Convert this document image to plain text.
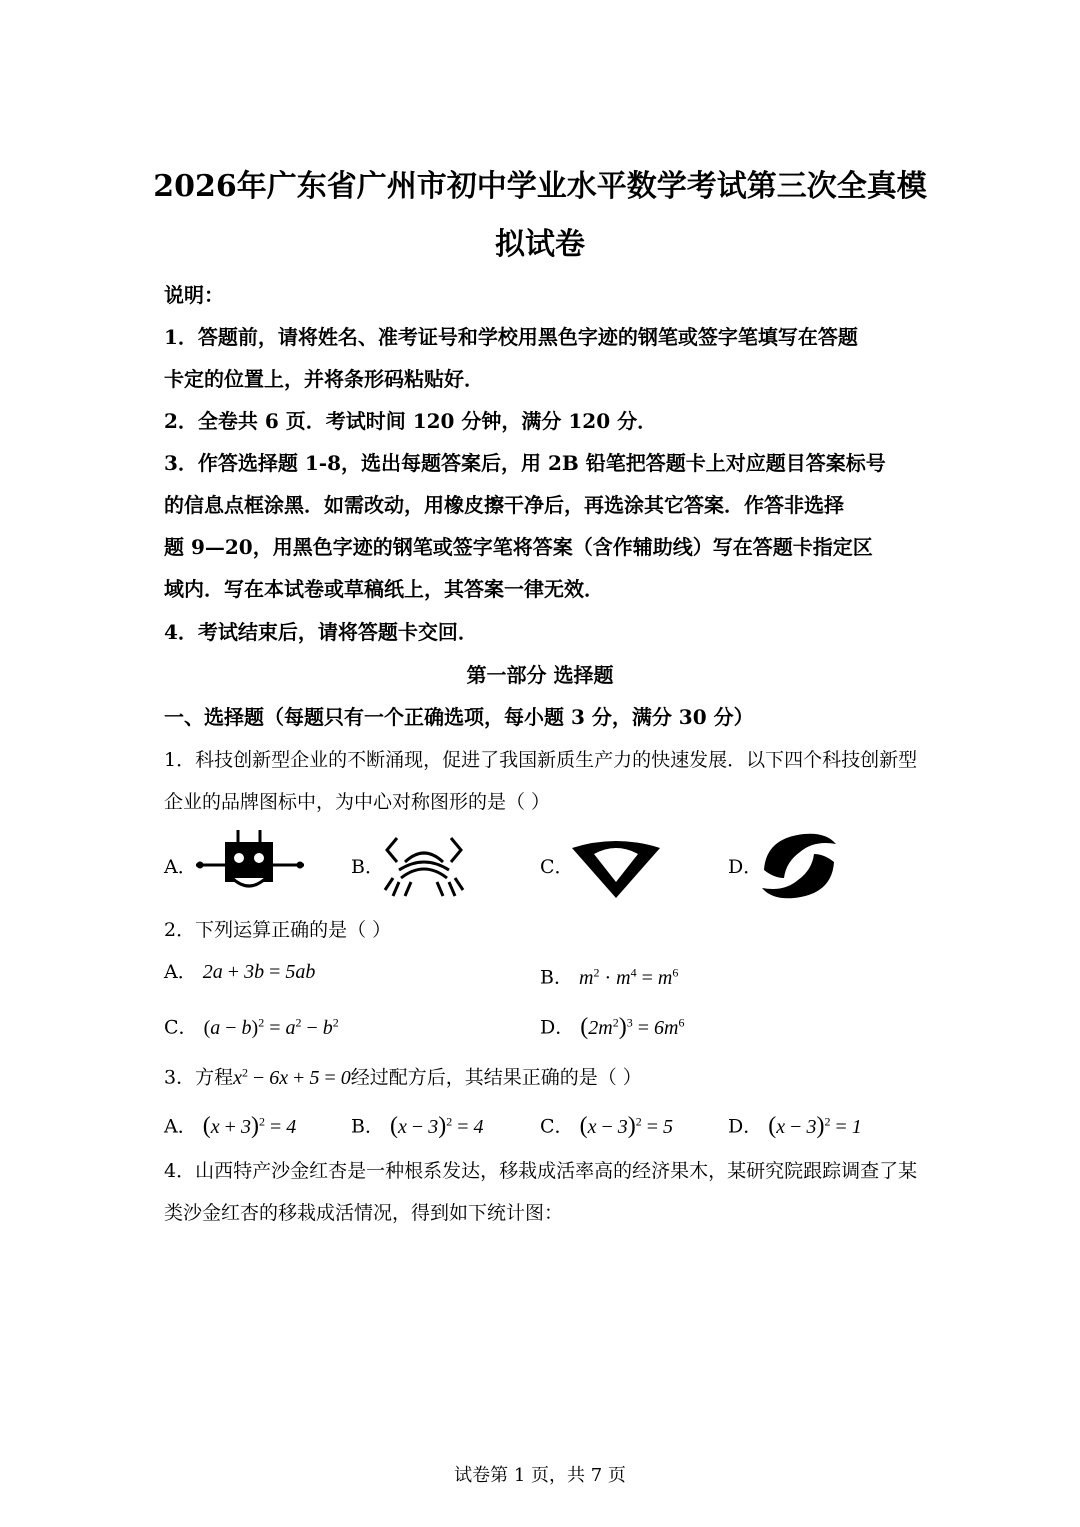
2026年广东省广州市初中学业水平数学考试第三次全真模
拟试卷
说明：
1．答题前，请将姓名、准考证号和学校用黑色字迹的钢笔或签字笔填写在答题
卡定的位置上，并将条形码粘贴好．
2．全卷共 6 页．考试时间 120 分钟，满分 120 分．
3．作答选择题 1-8，选出每题答案后，用 2B 铅笔把答题卡上对应题目答案标号
的信息点框涂黑．如需改动，用橡皮擦干净后，再选涂其它答案．作答非选择
题 9—20，用黑色字迹的钢笔或签字笔将答案（含作辅助线）写在答题卡指定区
域内．写在本试卷或草稿纸上，其答案一律无效．
4．考试结束后，请将答题卡交回．
第一部分 选择题
一、选择题（每题只有一个正确选项，每小题 3 分，满分 30 分）
1．科技创新型企业的不断涌现，促进了我国新质生产力的快速发展．以下四个科技创新型
企业的品牌图标中，为中心对称图形的是（ ）
A．	B．	C．	D．
2．下列运算正确的是（ ）
A． 2a + 3b = 5ab	B． $m^2 \cdot m^4 = m^6$
C． $(a - b)^2 = a^2 - b^2$	D． $(2m^2)^3 = 6m^6$
3．方程$x^2 - 6x + 5 = 0$经过配方后，其结果正确的是（ ）
A． $(x + 3)^2 = 4$	B． $(x - 3)^2 = 4$	C． $(x - 3)^2 = 5$	D． $(x - 3)^2 = 1$
4．山西特产沙金红杏是一种根系发达，移栽成活率高的经济果木，某研究院跟踪调查了某
类沙金红杏的移栽成活情况，得到如下统计图：
试卷第 1 页，共 7 页
